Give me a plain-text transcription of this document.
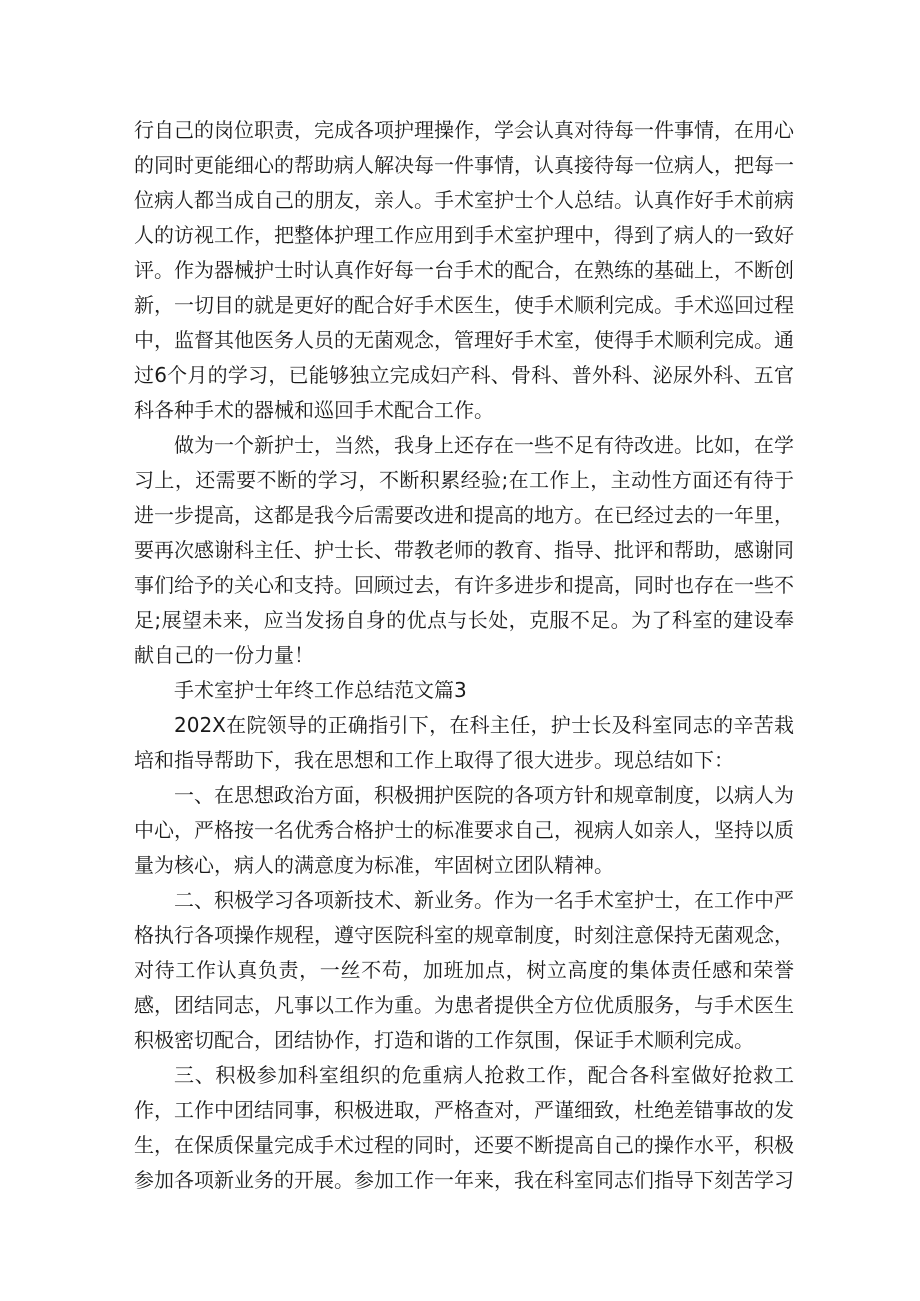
行自己的岗位职责，完成各项护理操作，学会认真对待每一件事情，在用心的同时更能细心的帮助病人解决每一件事情，认真接待每一位病人，把每一位病人都当成自己的朋友，亲人。手术室护士个人总结。认真作好手术前病人的访视工作，把整体护理工作应用到手术室护理中，得到了病人的一致好评。作为器械护士时认真作好每一台手术的配合，在熟练的基础上，不断创新，一切目的就是更好的配合好手术医生，使手术顺利完成。手术巡回过程中，监督其他医务人员的无菌观念，管理好手术室，使得手术顺利完成。通过6个月的学习，已能够独立完成妇产科、骨科、普外科、泌尿外科、五官科各种手术的器械和巡回手术配合工作。

做为一个新护士，当然，我身上还存在一些不足有待改进。比如，在学习上，还需要不断的学习，不断积累经验;在工作上，主动性方面还有待于进一步提高，这都是我今后需要改进和提高的地方。在已经过去的一年里，要再次感谢科主任、护士长、带教老师的教育、指导、批评和帮助，感谢同事们给予的关心和支持。回顾过去，有许多进步和提高，同时也存在一些不足;展望未来，应当发扬自身的优点与长处，克服不足。为了科室的建设奉献自己的一份力量！

手术室护士年终工作总结范文篇3

202X在院领导的正确指引下，在科主任，护士长及科室同志的辛苦栽培和指导帮助下，我在思想和工作上取得了很大进步。现总结如下：

一、在思想政治方面，积极拥护医院的各项方针和规章制度，以病人为中心，严格按一名优秀合格护士的标准要求自己，视病人如亲人，坚持以质量为核心，病人的满意度为标准，牢固树立团队精神。

二、积极学习各项新技术、新业务。作为一名手术室护士，在工作中严格执行各项操作规程，遵守医院科室的规章制度，时刻注意保持无菌观念，对待工作认真负责，一丝不苟，加班加点，树立高度的集体责任感和荣誉感，团结同志，凡事以工作为重。为患者提供全方位优质服务，与手术医生积极密切配合，团结协作，打造和谐的工作氛围，保证手术顺利完成。

三、积极参加科室组织的危重病人抢救工作，配合各科室做好抢救工作，工作中团结同事，积极进取，严格查对，严谨细致，杜绝差错事故的发生，在保质保量完成手术过程的同时，还要不断提高自己的操作水平，积极参加各项新业务的开展。参加工作一年来，我在科室同志们指导下刻苦学习
